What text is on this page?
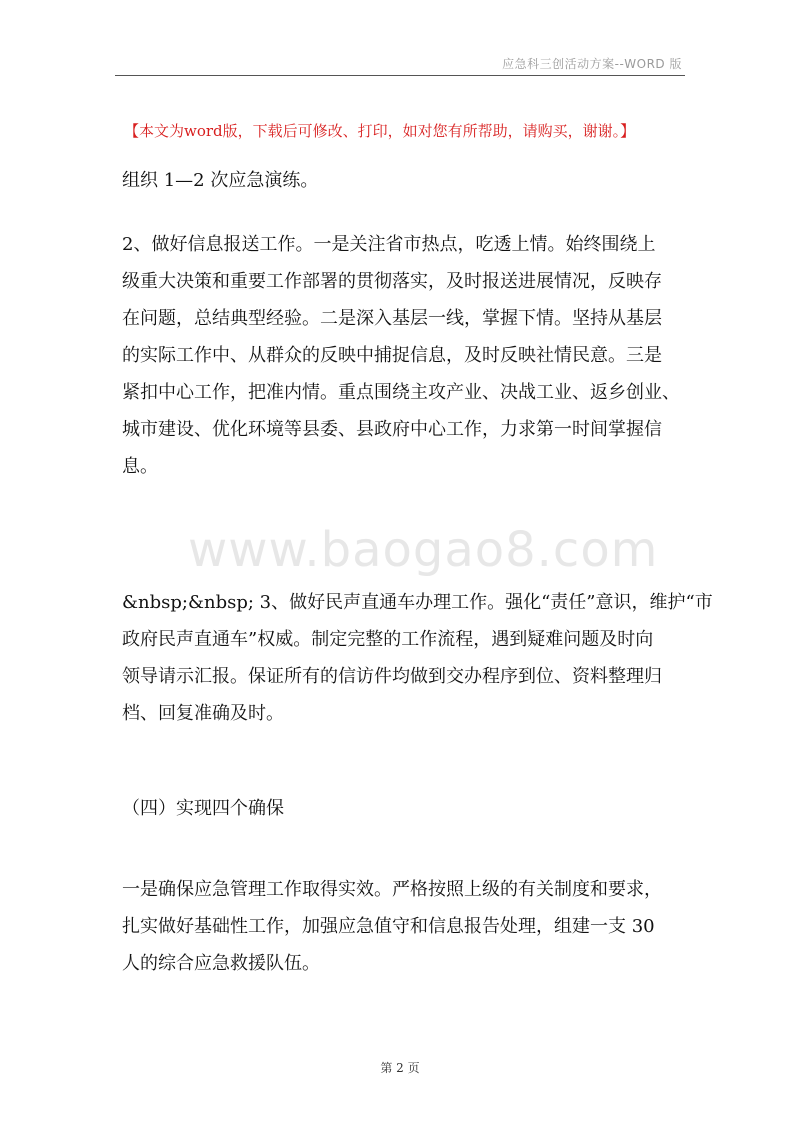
应急科三创活动方案--WORD 版
【本文为word版，下载后可修改、打印，如对您有所帮助，请购买，谢谢。】
www.baogao8.com
组织 1—2 次应急演练。
2、做好信息报送工作。一是关注省市热点，吃透上情。始终围绕上
级重大决策和重要工作部署的贯彻落实，及时报送进展情况，反映存
在问题，总结典型经验。二是深入基层一线，掌握下情。坚持从基层
的实际工作中、从群众的反映中捕捉信息，及时反映社情民意。三是
紧扣中心工作，把准内情。重点围绕主攻产业、决战工业、返乡创业、
城市建设、优化环境等县委、县政府中心工作，力求第一时间掌握信
息。
&nbsp;&nbsp; 3、做好民声直通车办理工作。强化“责任”意识，维护“市
政府民声直通车”权威。制定完整的工作流程，遇到疑难问题及时向
领导请示汇报。保证所有的信访件均做到交办程序到位、资料整理归
档、回复准确及时。
（四）实现四个确保
一是确保应急管理工作取得实效。严格按照上级的有关制度和要求，
扎实做好基础性工作，加强应急值守和信息报告处理，组建一支 30
人的综合应急救援队伍。
第 2 页
